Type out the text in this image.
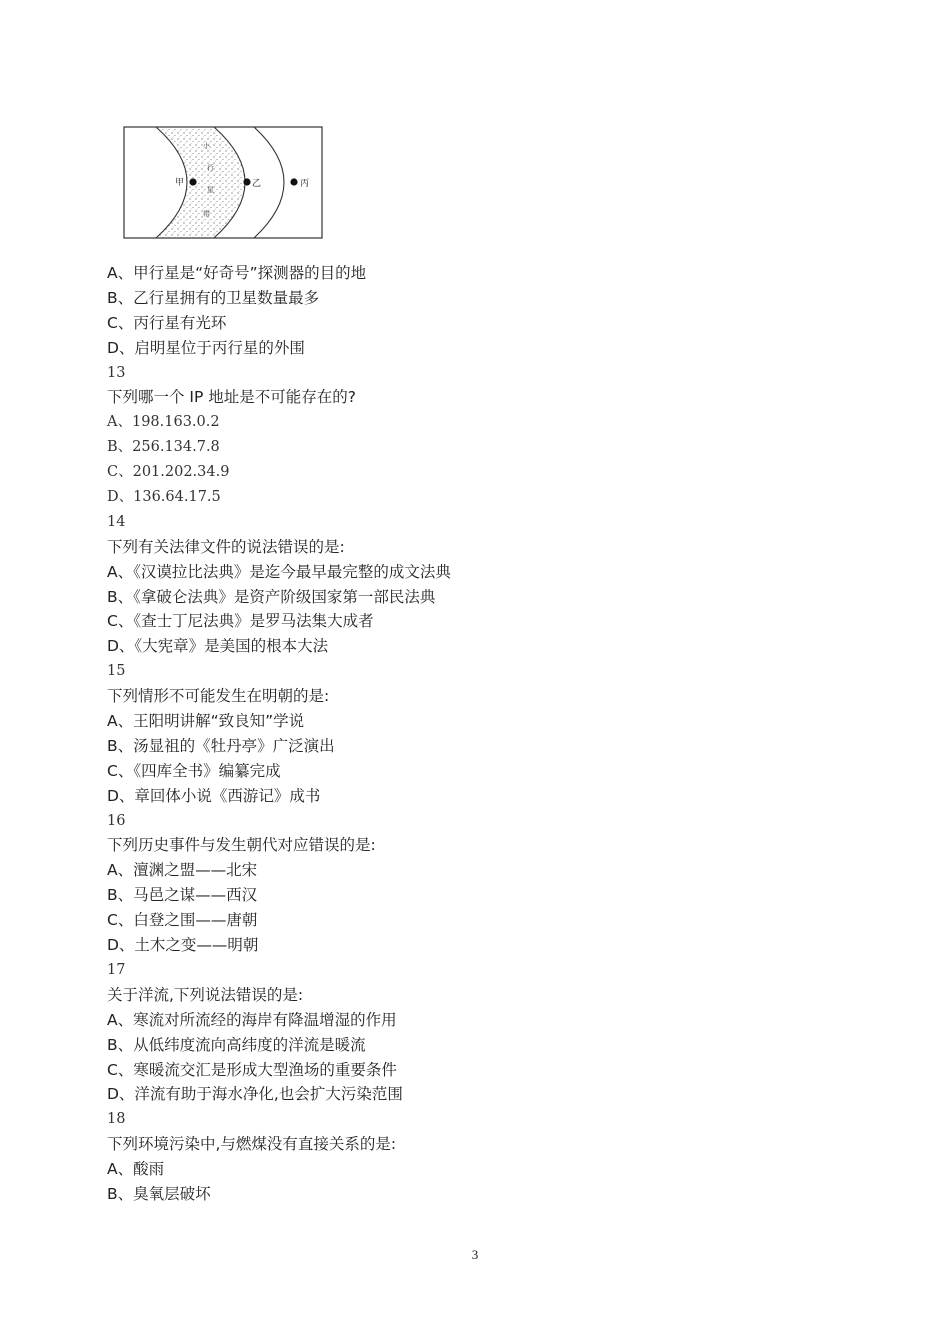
甲	乙	丙
小
行
星
带
A、甲行星是“好奇号”探测器的目的地
B、乙行星拥有的卫星数量最多
C、丙行星有光环
D、启明星位于丙行星的外围
13
下列哪一个 IP 地址是不可能存在的?
A、198.163.0.2
B、256.134.7.8
C、201.202.34.9
D、136.64.17.5
14
下列有关法律文件的说法错误的是:
A、《汉谟拉比法典》是迄今最早最完整的成文法典
B、《拿破仑法典》是资产阶级国家第一部民法典
C、《查士丁尼法典》是罗马法集大成者
D、《大宪章》是美国的根本大法
15
下列情形不可能发生在明朝的是:
A、王阳明讲解“致良知”学说
B、汤显祖的《牡丹亭》广泛演出
C、《四库全书》编纂完成
D、章回体小说《西游记》成书
16
下列历史事件与发生朝代对应错误的是:
A、澶渊之盟——北宋
B、马邑之谋——西汉
C、白登之围——唐朝
D、土木之变——明朝
17
关于洋流,下列说法错误的是:
A、寒流对所流经的海岸有降温增湿的作用
B、从低纬度流向高纬度的洋流是暖流
C、寒暖流交汇是形成大型渔场的重要条件
D、洋流有助于海水净化,也会扩大污染范围
18
下列环境污染中,与燃煤没有直接关系的是:
A、酸雨
B、臭氧层破坏
3
